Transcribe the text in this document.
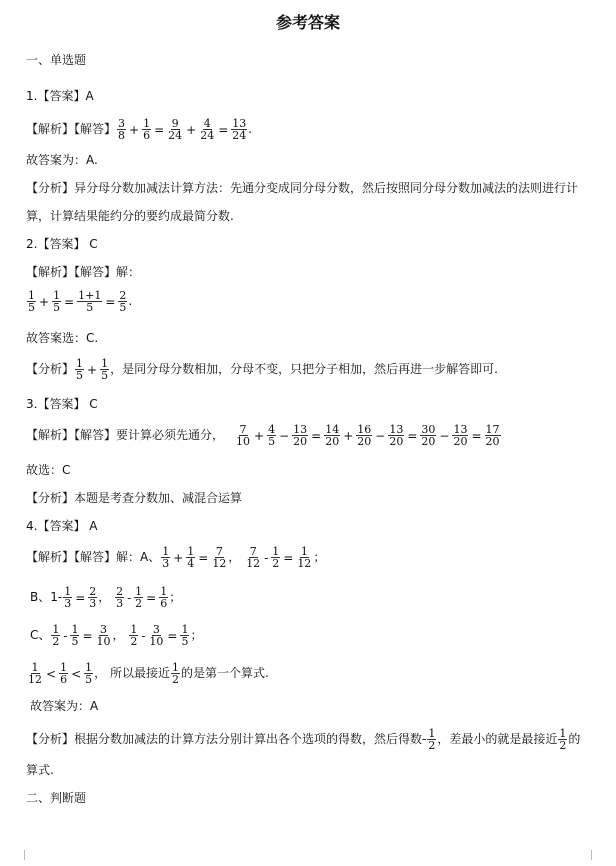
参考答案
一、单选题
1.【答案】A
【解析】【解答】 $\frac{3}{8} + \frac{1}{6} = \frac{9}{24} + \frac{4}{24} = \frac{13}{24}$ .
故答案为：A.
【分析】异分母分数加减法计算方法：先通分变成同分母分数，然后按照同分母分数加减法的法则进行计
算，计算结果能约分的要约成最简分数.
2.【答案】 C
【解析】【解答】解：
$\frac{1}{5} + \frac{1}{5} = \frac{1+1}{5} = \frac{2}{5}$ .
故答案选：C.
【分析】 $\frac{1}{5} + \frac{1}{5}$ ，是同分母分数相加，分母不变，只把分子相加，然后再进一步解答即可.
3.【答案】 C
【解析】【解答】要计算必须先通分， $\frac{7}{10} + \frac{4}{5} - \frac{13}{20} = \frac{14}{20} + \frac{16}{20} - \frac{13}{20} = \frac{30}{20} - \frac{13}{20} = \frac{17}{20}$
故选：C
【分析】本题是考查分数加、减混合运算
4.【答案】 A
【解析】【解答】解：A、 $\frac{1}{3} + \frac{1}{4} = \frac{7}{12}$ ， $\frac{7}{12} - \frac{1}{2} = \frac{1}{12}$ ；
B、$1- \frac{1}{3} = \frac{2}{3}$ ， $\frac{2}{3} - \frac{1}{2} = \frac{1}{6}$ ；
C、 $\frac{1}{2} - \frac{1}{5} = \frac{3}{10}$ ， $\frac{1}{2} - \frac{3}{10} = \frac{1}{5}$ ；
$\frac{1}{12} < \frac{1}{6} < \frac{1}{5}$ ， 所以最接近 $\frac{1}{2}$ 的是第一个算式.
故答案为：A
【分析】根据分数加减法的计算方法分别计算出各个选项的得数，然后得数- $\frac{1}{2}$ ，差最小的就是最接近 $\frac{1}{2}$ 的
算式.
二、判断题
